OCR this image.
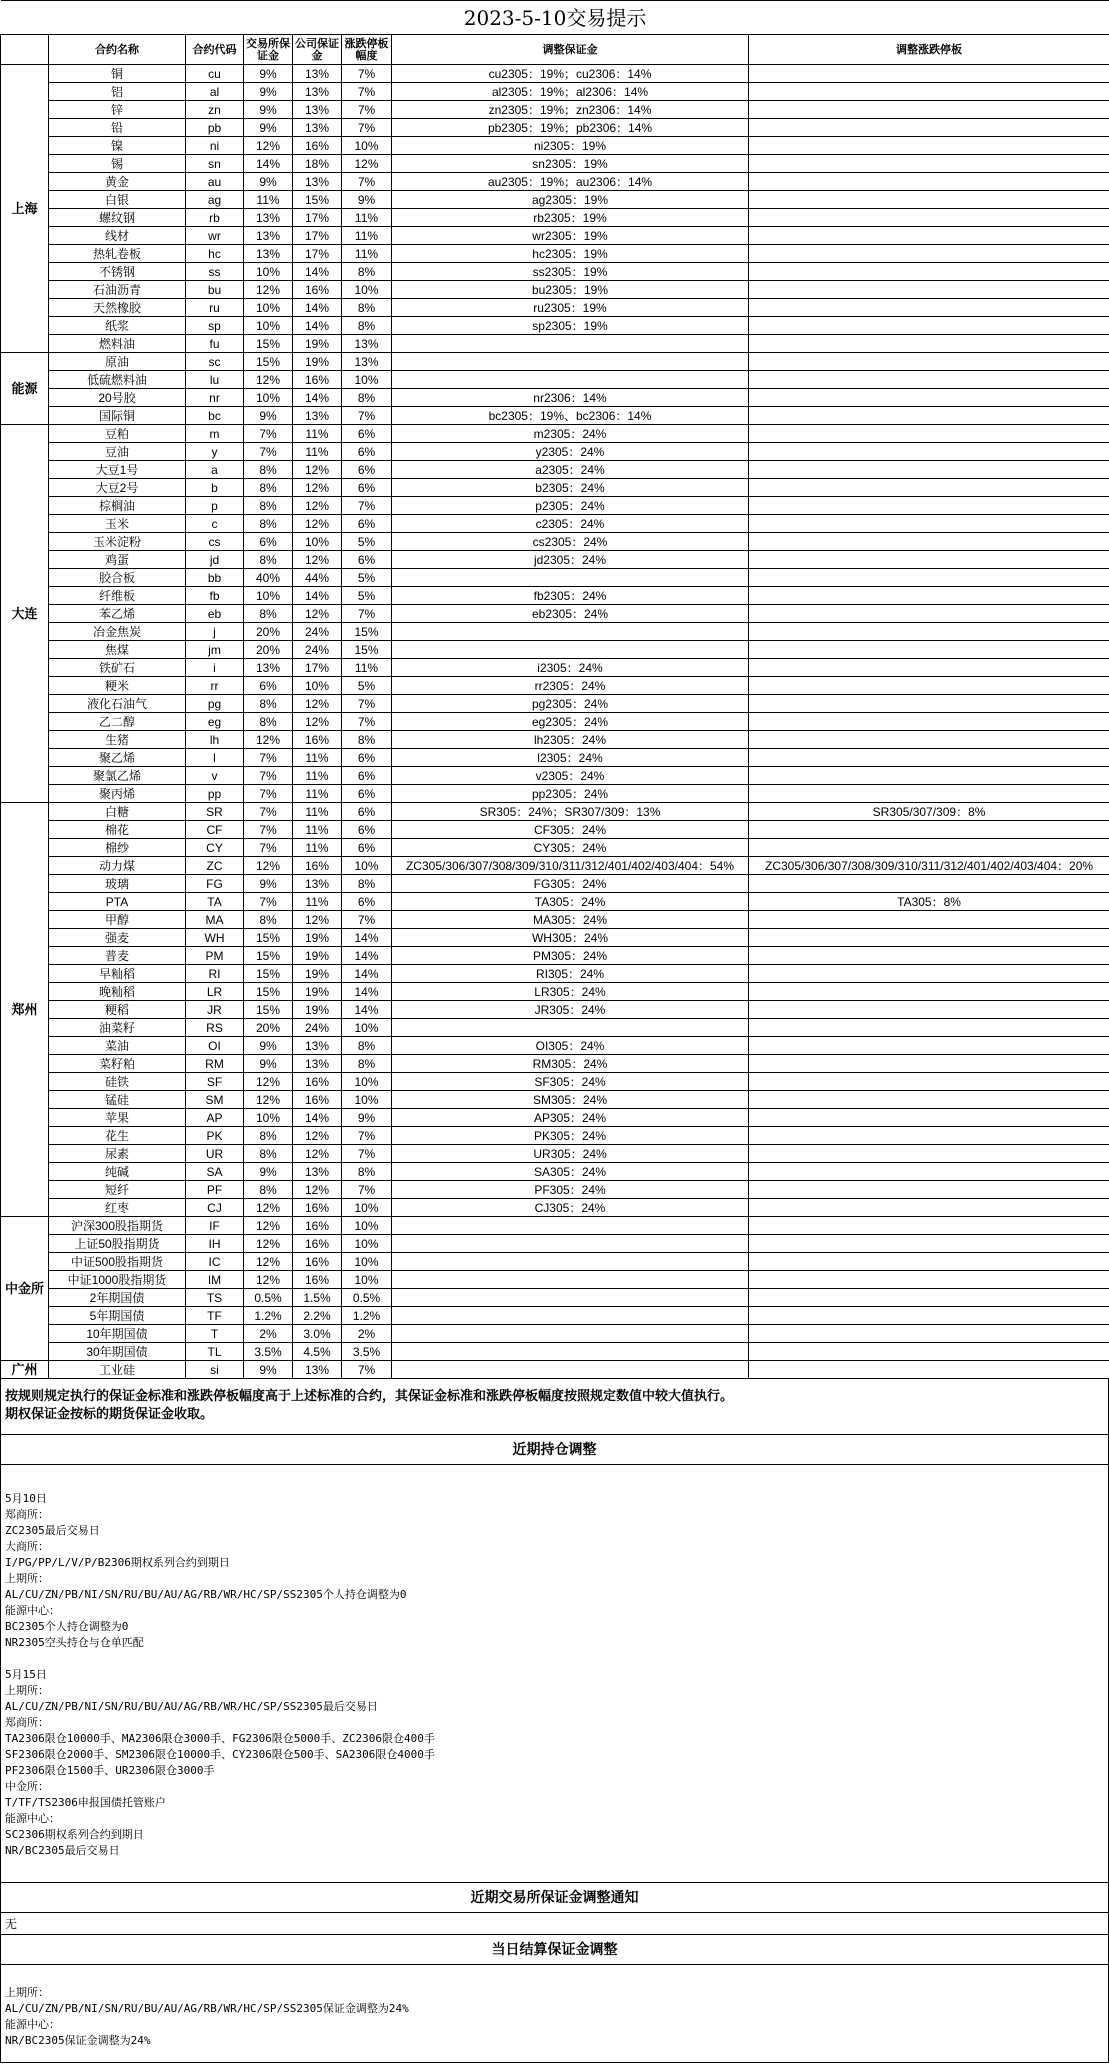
2023-5-10交易提示							
	合约名称	合约代码	交易所保证金	公司保证金	涨跌停板幅度	调整保证金	调整涨跌停板
上海	铜	cu	9%	13%	7%	cu2305：19%；cu2306：14%	
	铝	al	9%	13%	7%	al2305：19%；al2306：14%	
	锌	zn	9%	13%	7%	zn2305：19%；zn2306：14%	
	铅	pb	9%	13%	7%	pb2305：19%；pb2306：14%	
	镍	ni	12%	16%	10%	ni2305：19%	
	锡	sn	14%	18%	12%	sn2305：19%	
	黄金	au	9%	13%	7%	au2305：19%；au2306：14%	
	白银	ag	11%	15%	9%	ag2305：19%	
	螺纹钢	rb	13%	17%	11%	rb2305：19%	
	线材	wr	13%	17%	11%	wr2305：19%	
	热轧卷板	hc	13%	17%	11%	hc2305：19%	
	不锈钢	ss	10%	14%	8%	ss2305：19%	
	石油沥青	bu	12%	16%	10%	bu2305：19%	
	天然橡胶	ru	10%	14%	8%	ru2305：19%	
	纸浆	sp	10%	14%	8%	sp2305：19%	
	燃料油	fu	15%	19%	13%		
能源	原油	sc	15%	19%	13%		
	低硫燃料油	lu	12%	16%	10%		
	20号胶	nr	10%	14%	8%	nr2306：14%	
	国际铜	bc	9%	13%	7%	bc2305：19%、bc2306：14%	
大连	豆粕	m	7%	11%	6%	m2305：24%	
	豆油	y	7%	11%	6%	y2305：24%	
	大豆1号	a	8%	12%	6%	a2305：24%	
	大豆2号	b	8%	12%	6%	b2305：24%	
	棕榈油	p	8%	12%	7%	p2305：24%	
	玉米	c	8%	12%	6%	c2305：24%	
	玉米淀粉	cs	6%	10%	5%	cs2305：24%	
	鸡蛋	jd	8%	12%	6%	jd2305：24%	
	胶合板	bb	40%	44%	5%		
	纤维板	fb	10%	14%	5%	fb2305：24%	
	苯乙烯	eb	8%	12%	7%	eb2305：24%	
	冶金焦炭	j	20%	24%	15%		
	焦煤	jm	20%	24%	15%		
	铁矿石	i	13%	17%	11%	i2305：24%	
	粳米	rr	6%	10%	5%	rr2305：24%	
	液化石油气	pg	8%	12%	7%	pg2305：24%	
	乙二醇	eg	8%	12%	7%	eg2305：24%	
	生猪	lh	12%	16%	8%	lh2305：24%	
	聚乙烯	l	7%	11%	6%	l2305：24%	
	聚氯乙烯	v	7%	11%	6%	v2305：24%	
	聚丙烯	pp	7%	11%	6%	pp2305：24%	
郑州	白糖	SR	7%	11%	6%	SR305：24%；SR307/309：13%	SR305/307/309：8%
	棉花	CF	7%	11%	6%	CF305：24%	
	棉纱	CY	7%	11%	6%	CY305：24%	
	动力煤	ZC	12%	16%	10%	ZC305/306/307/308/309/310/311/312/401/402/403/404：54%	ZC305/306/307/308/309/310/311/312/401/402/403/404：20%
	玻璃	FG	9%	13%	8%	FG305：24%	
	PTA	TA	7%	11%	6%	TA305：24%	TA305：8%
	甲醇	MA	8%	12%	7%	MA305：24%	
	强麦	WH	15%	19%	14%	WH305：24%	
	普麦	PM	15%	19%	14%	PM305：24%	
	早籼稻	RI	15%	19%	14%	RI305：24%	
	晚籼稻	LR	15%	19%	14%	LR305：24%	
	粳稻	JR	15%	19%	14%	JR305：24%	
	油菜籽	RS	20%	24%	10%		
	菜油	OI	9%	13%	8%	OI305：24%	
	菜籽粕	RM	9%	13%	8%	RM305：24%	
	硅铁	SF	12%	16%	10%	SF305：24%	
	锰硅	SM	12%	16%	10%	SM305：24%	
	苹果	AP	10%	14%	9%	AP305：24%	
	花生	PK	8%	12%	7%	PK305：24%	
	尿素	UR	8%	12%	7%	UR305：24%	
	纯碱	SA	9%	13%	8%	SA305：24%	
	短纤	PF	8%	12%	7%	PF305：24%	
	红枣	CJ	12%	16%	10%	CJ305：24%	
中金所	沪深300股指期货	IF	12%	16%	10%		
	上证50股指期货	IH	12%	16%	10%		
	中证500股指期货	IC	12%	16%	10%		
	中证1000股指期货	IM	12%	16%	10%		
	2年期国债	TS	0.5%	1.5%	0.5%		
	5年期国债	TF	1.2%	2.2%	1.2%		
	10年期国债	T	2%	3.0%	2%		
	30年期国债	TL	3.5%	4.5%	3.5%		
广州	工业硅	si	9%	13%	7%		
按规则规定执行的保证金标准和涨跌停板幅度高于上述标准的合约，其保证金标准和涨跌停板幅度按照规定数值中较大值执行。
期权保证金按标的期货保证金收取。
近期持仓调整
5月10日
郑商所：
ZC2305最后交易日
大商所：
I/PG/PP/L/V/P/B2306期权系列合约到期日
上期所：
AL/CU/ZN/PB/NI/SN/RU/BU/AU/AG/RB/WR/HC/SP/SS2305个人持仓调整为0
能源中心：
BC2305个人持仓调整为0
NR2305空头持仓与仓单匹配
5月15日
上期所：
AL/CU/ZN/PB/NI/SN/RU/BU/AU/AG/RB/WR/HC/SP/SS2305最后交易日
郑商所：
TA2306限仓10000手、MA2306限仓3000手、FG2306限仓5000手、ZC2306限仓400手
SF2306限仓2000手、SM2306限仓10000手、CY2306限仓500手、SA2306限仓4000手
PF2306限仓1500手、UR2306限仓3000手
中金所：
T/TF/TS2306申报国债托管账户
能源中心：
SC2306期权系列合约到期日
NR/BC2305最后交易日
近期交易所保证金调整通知
无
当日结算保证金调整
上期所：
AL/CU/ZN/PB/NI/SN/RU/BU/AU/AG/RB/WR/HC/SP/SS2305保证金调整为24%
能源中心：
NR/BC2305保证金调整为24%
